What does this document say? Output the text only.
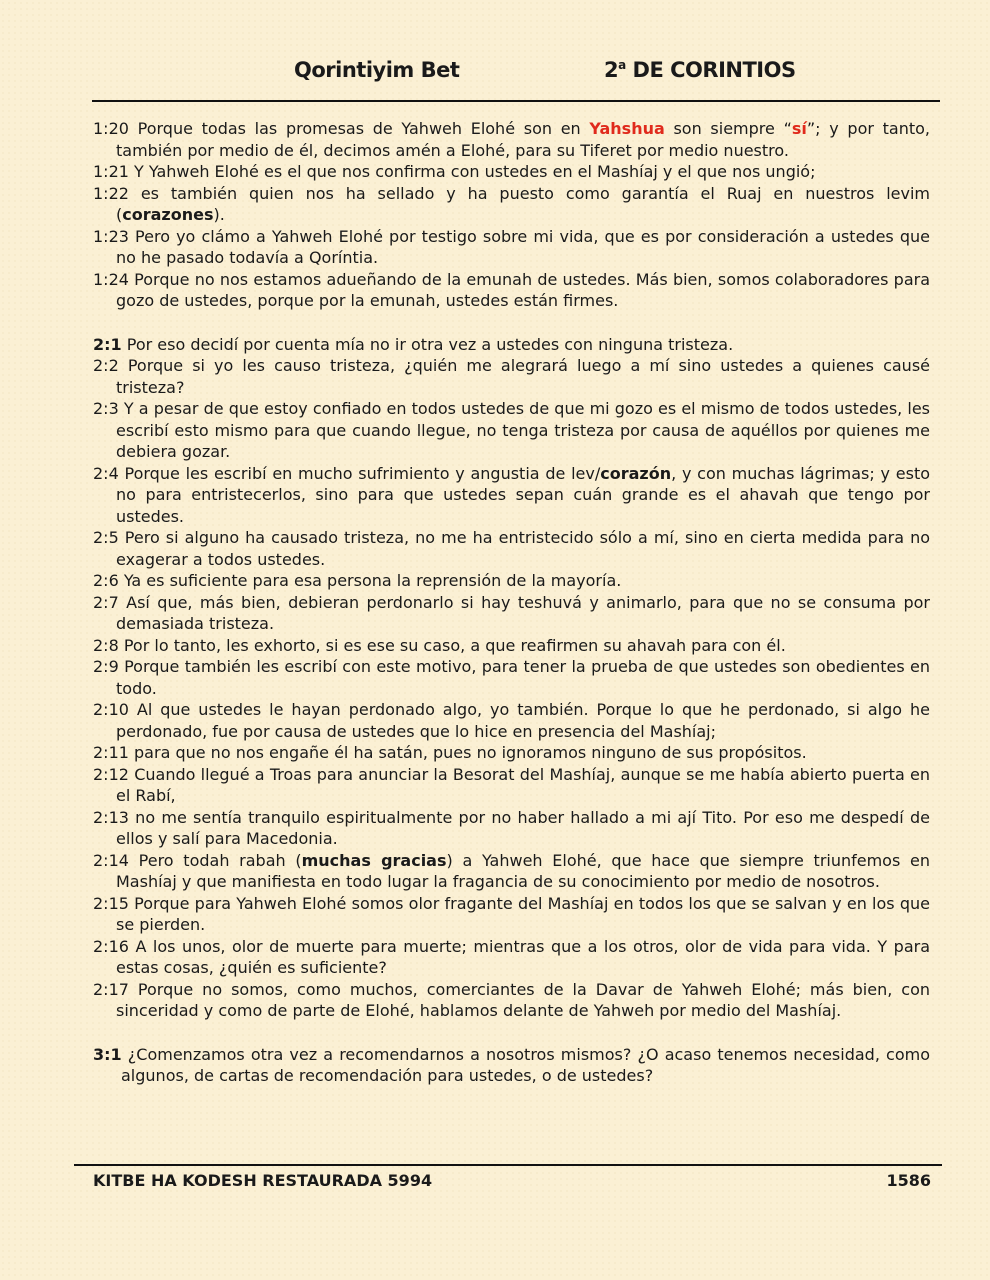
Qorintiyim Bet	2$^a$ DE CORINTIOS
1:20 Porque todas las promesas de Yahweh Elohé son en Yahshua son siempre “sí”; y por tanto, también por medio de él, decimos amén a Elohé, para su Tiferet por medio nuestro.
1:21 Y Yahweh Elohé es el que nos confirma con ustedes en el Mashíaj y el que nos ungió;
1:22 es también quien nos ha sellado y ha puesto como garantía el Ruaj en nuestros levim (corazones).
1:23 Pero yo clámo a Yahweh Elohé por testigo sobre mi vida, que es por consideración a ustedes que no he pasado todavía a Qoríntia.
1:24 Porque no nos estamos adueñando de la emunah de ustedes. Más bien, somos colaboradores para gozo de ustedes, porque por la emunah, ustedes están firmes.
2:1 Por eso decidí por cuenta mía no ir otra vez a ustedes con ninguna tristeza.
2:2 Porque si yo les causo tristeza, ¿quién me alegrará luego a mí sino ustedes a quienes causé tristeza?
2:3 Y a pesar de que estoy confiado en todos ustedes de que mi gozo es el mismo de todos ustedes, les escribí esto mismo para que cuando llegue, no tenga tristeza por causa de aquéllos por quienes me debiera gozar.
2:4 Porque les escribí en mucho sufrimiento y angustia de lev/corazón, y con muchas lágrimas; y esto no para entristecerlos, sino para que ustedes sepan cuán grande es el ahavah que tengo por ustedes.
2:5 Pero si alguno ha causado tristeza, no me ha entristecido sólo a mí, sino en cierta medida para no exagerar a todos ustedes.
2:6 Ya es suficiente para esa persona la reprensión de la mayoría.
2:7 Así que, más bien, debieran perdonarlo si hay teshuvá y animarlo, para que no se consuma por demasiada tristeza.
2:8 Por lo tanto, les exhorto, si es ese su caso, a que reafirmen su ahavah para con él.
2:9 Porque también les escribí con este motivo, para tener la prueba de que ustedes son obedientes en todo.
2:10 Al que ustedes le hayan perdonado algo, yo también. Porque lo que he perdonado, si algo he perdonado, fue por causa de ustedes que lo hice en presencia del Mashíaj;
2:11 para que no nos engañe él ha satán, pues no ignoramos ninguno de sus propósitos.
2:12 Cuando llegué a Troas para anunciar la Besorat del Mashíaj, aunque se me había abierto puerta en el Rabí,
2:13 no me sentía tranquilo espiritualmente por no haber hallado a mi ají Tito. Por eso me despedí de ellos y salí para Macedonia.
2:14 Pero todah rabah (muchas gracias) a Yahweh Elohé, que hace que siempre triunfemos en Mashíaj y que manifiesta en todo lugar la fragancia de su conocimiento por medio de nosotros.
2:15 Porque para Yahweh Elohé somos olor fragante del Mashíaj en todos los que se salvan y en los que se pierden.
2:16 A los unos, olor de muerte para muerte; mientras que a los otros, olor de vida para vida. Y para estas cosas, ¿quién es suficiente?
2:17 Porque no somos, como muchos, comerciantes de la Davar de Yahweh Elohé; más bien, con sinceridad y como de parte de Elohé, hablamos delante de Yahweh por medio del Mashíaj.
3:1 ¿Comenzamos otra vez a recomendarnos a nosotros mismos? ¿O acaso tenemos necesidad, como algunos, de cartas de recomendación para ustedes, o de ustedes?
KITBE HA KODESH RESTAURADA 5994	1586
